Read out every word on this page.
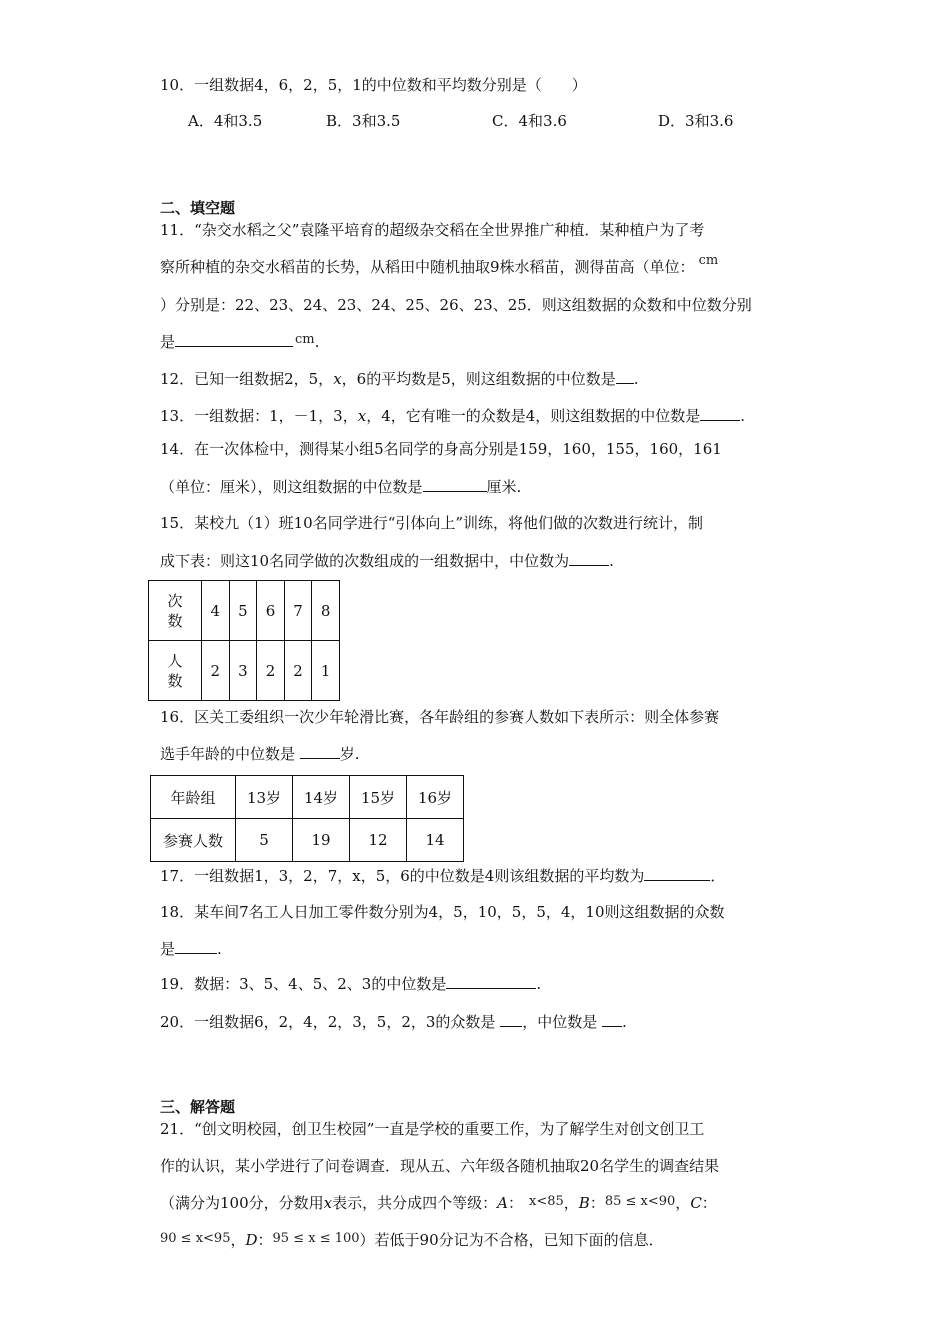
10．一组数据4，6，2，5，1的中位数和平均数分别是（　　）
A．4和3.5	B．3和3.5	C．4和3.6	D．3和3.6
二、填空题
11．“杂交水稻之父”袁隆平培育的超级杂交稻在全世界推广种植．某种植户为了考
察所种植的杂交水稻苗的长势，从稻田中随机抽取9株水稻苗，测得苗高（单位： cm
）分别是：22、23、24、23、24、25、26、23、25．则这组数据的众数和中位数分别
是	cm.
12．已知一组数据2，5，x，6的平均数是5，则这组数据的中位数是 .
13．一组数据：1，－1，3，x，4，它有唯一的众数是4，则这组数据的中位数是	.
14．在一次体检中，测得某小组5名同学的身高分别是159，160，155，160，161
（单位：厘米），则这组数据的中位数是	厘米.
15．某校九（1）班10名同学进行“引体向上”训练，将他们做的次数进行统计，制
成下表：则这10名同学做的次数组成的一组数据中，中位数为	.
次
数	4	5	6	7	8
人
数	2	3	2	2	1
16．区关工委组织一次少年轮滑比赛，各年龄组的参赛人数如下表所示：则全体参赛
选手年龄的中位数是	岁.
年龄组	13岁	14岁	15岁	16岁
参赛人数	5	19	12	14
17．一组数据1，3，2，7，x，5，6的中位数是4则该组数据的平均数为	．
18．某车间7名工人日加工零件数分别为4，5，10，5，5，4，10则这组数据的众数
是	.
19．数据：3、5、4、5、2、3的中位数是	.
20．一组数据6，2，4，2，3，5，2，3的众数是 ，中位数是 .
三、解答题
21．“创文明校园，创卫生校园”一直是学校的重要工作，为了解学生对创文创卫工
作的认识，某小学进行了问卷调查．现从五、六年级各随机抽取20名学生的调查结果
（满分为100分，分数用x表示，共分成四个等级：A： x<85，B：85 ≤ x<90，C：
90 ≤ x<95，D：95 ≤ x ≤ 100）若低于90分记为不合格，已知下面的信息．
